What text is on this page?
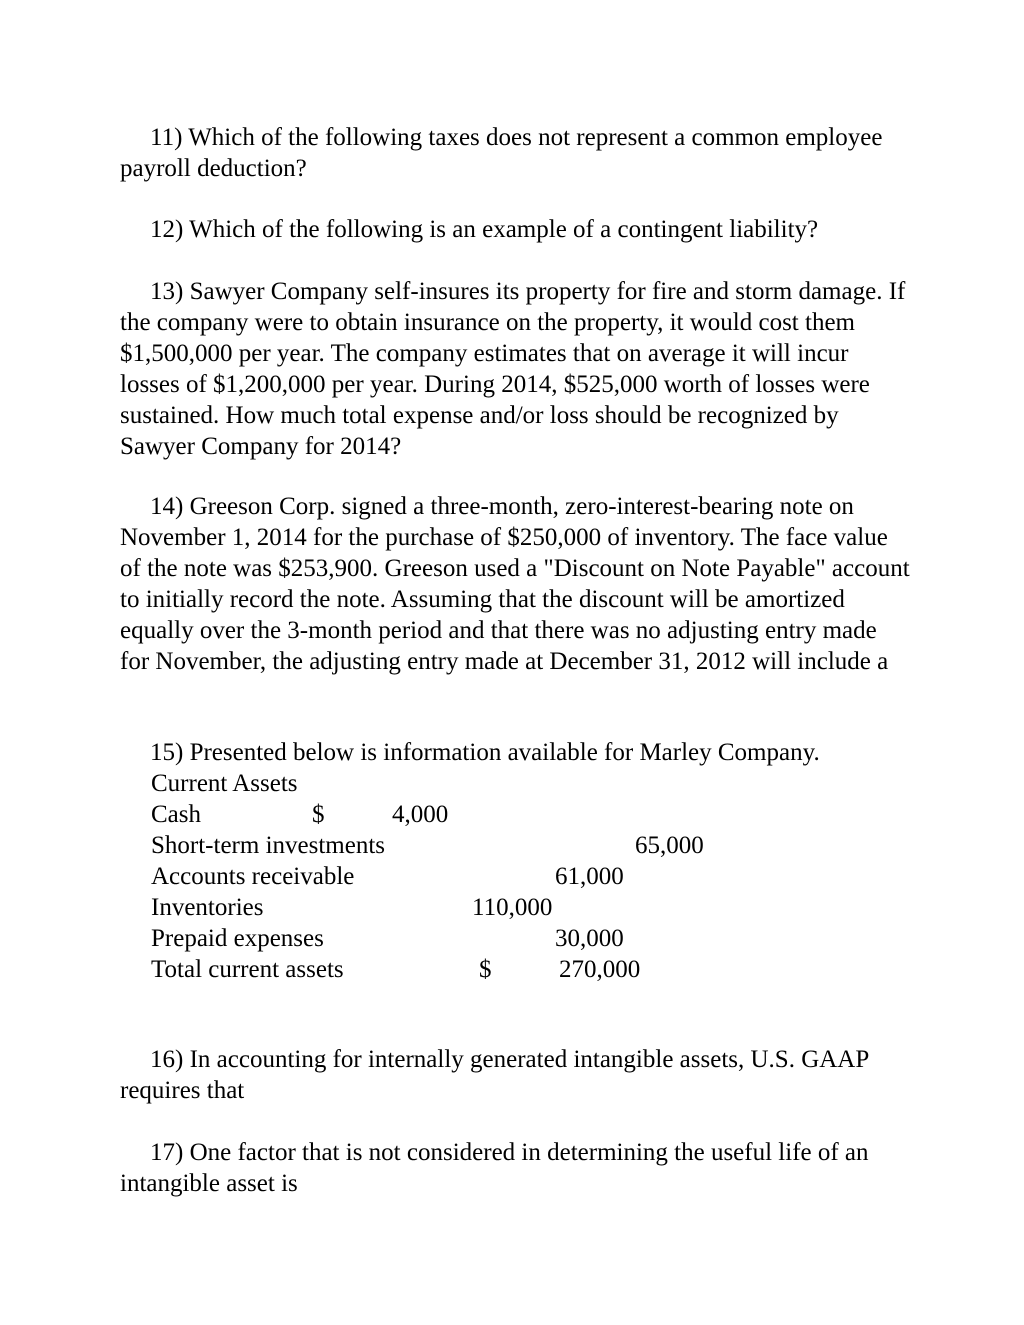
11) Which of the following taxes does not represent a common employee payroll deduction?

12) Which of the following is an example of a contingent liability?

13) Sawyer Company self-insures its property for fire and storm damage. If the company were to obtain insurance on the property, it would cost them $1,500,000 per year. The company estimates that on average it will incur losses of $1,200,000 per year. During 2014, $525,000 worth of losses were sustained. How much total expense and/or loss should be recognized by Sawyer Company for 2014?

14) Greeson Corp. signed a three-month, zero-interest-bearing note on November 1, 2014 for the purchase of $250,000 of inventory. The face value of the note was $253,900. Greeson used a "Discount on Note Payable" account to initially record the note. Assuming that the discount will be amortized equally over the 3-month period and that there was no adjusting entry made for November, the adjusting entry made at December 31, 2012 will include a

15) Presented below is information available for Marley Company.

Current Assets
Cash	$	4,000
Short-term investments	65,000
Accounts receivable	61,000
Inventories	110,000
Prepaid expenses	30,000
Total current assets	$	270,000

16) In accounting for internally generated intangible assets, U.S. GAAP requires that

17) One factor that is not considered in determining the useful life of an intangible asset is
